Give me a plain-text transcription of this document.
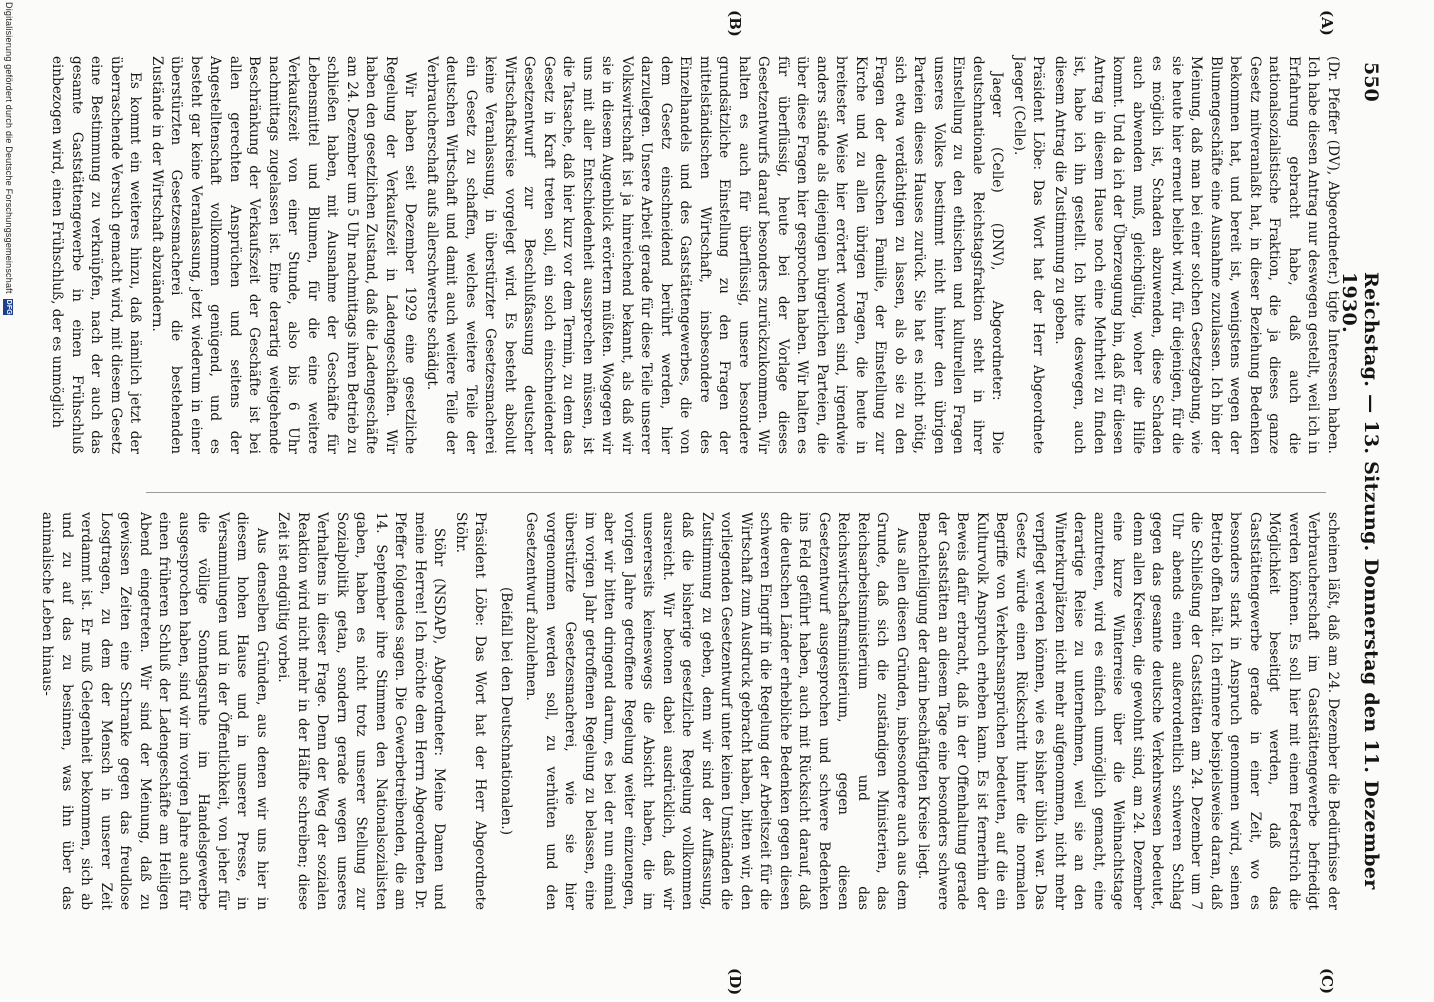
550
Reichstag. — 13. Sitzung. Donnerstag den 11. Dezember 1930.
(A)
(B)
(C)
(D)

(Dr. Pfeffer (DV), Abgeordneter.) tigte Interessen haben. Ich habe diesen Antrag nur deswegen gestellt, weil ich in Erfahrung gebracht habe, daß auch die nationalsozialistische Fraktion, die ja dieses ganze Gesetz mitveranlaßt hat, in dieser Beziehung Bedenken bekommen hat, und bereit ist, wenigstens wegen der Blumengeschäfte eine Ausnahme zuzulassen. Ich bin der Meinung, daß man bei einer solchen Gesetzgebung, wie sie heute hier erneut beliebt wird, für diejenigen, für die es möglich ist, Schaden abzuwenden, diese Schaden auch abwenden muß, gleichgültig, woher die Hilfe kommt. Und da ich der Überzeugung bin, daß für diesen Antrag in diesem Hause noch eine Mehrheit zu finden ist, habe ich ihn gestellt. Ich bitte deswegen, auch diesem Antrag die Zustimmung zu geben.

Präsident Löbe: Das Wort hat der Herr Abgeordnete Jaeger (Celle).

Jaeger (Celle) (DNV), Abgeordneter: Die deutschnationale Reichstagsfraktion steht in ihrer Einstellung zu den ethischen und kulturellen Fragen unseres Volkes bestimmt nicht hinter den übrigen Parteien dieses Hauses zurück. Sie hat es nicht nötig, sich etwa verdächtigen zu lassen, als ob sie zu den Fragen der deutschen Familie, der Einstellung zur Kirche und zu allen übrigen Fragen, die heute in breitester Weise hier erörtert worden sind, irgendwie anders stände als diejenigen bürgerlichen Parteien, die über diese Fragen hier gesprochen haben. Wir halten es für überflüssig, heute bei der Vorlage dieses Gesetzentwurfs darauf besonders zurückzukommen. Wir halten es auch für überflüssig, unsere besondere grundsätzliche Einstellung zu den Fragen der mittelständischen Wirtschaft, insbesondere des Einzelhandels und des Gaststättengewerbes, die von dem Gesetz einschneidend berührt werden, hier darzulegen. Unsere Arbeit gerade für diese Teile unserer Volkswirtschaft ist ja hinreichend bekannt, als daß wir sie in diesem Augenblick erörtern müßten. Wogegen wir uns mit aller Entschiedenheit aussprechen müssen, ist die Tatsache, daß hier kurz vor dem Termin, zu dem das Gesetz in Kraft treten soll, ein solch einschneidender Gesetzentwurf zur Beschlußfassung deutscher Wirtschaftskreise vorgelegt wird. Es besteht absolut keine Veranlassung, in überstürzter Gesetzesmacherei ein Gesetz zu schaffen, welches weitere Teile der deutschen Wirtschaft und damit auch weitere Teile der Verbraucherschaft aufs allerschwerste schädigt.

Wir haben seit Dezember 1929 eine gesetzliche Regelung der Verkaufszeit in Ladengeschäften. Wir haben den gesetzlichen Zustand, daß die Ladengeschäfte am 24. Dezember um 5 Uhr nachmittags ihren Betrieb zu schließen haben, mit Ausnahme der Geschäfte für Lebensmittel und Blumen, für die eine weitere Verkaufszeit von einer Stunde, also bis 6 Uhr nachmittags zugelassen ist. Eine derartig weitgehende Beschränkung der Verkaufszeit der Geschäfte ist bei allen gerechten Ansprüchen und seitens der Angestelltenschaft vollkommen genügend, und es besteht gar keine Veranlassung, jetzt wiederum in einer überstürzten Gesetzesmacherei die bestehenden Zustände in der Wirtschaft abzuändern.

Es kommt ein weiteres hinzu, daß nämlich jetzt der überraschende Versuch gemacht wird, mit diesem Gesetz eine Bestimmung zu verknüpfen, nach der auch das gesamte Gaststättengewerbe in einen Frühschluß einbezogen wird, einen Frühschluß, der es unmöglich

scheinen läßt, daß am 24. Dezember die Bedürfnisse der Verbraucherschaft im Gaststättengewerbe befriedigt werden können. Es soll hier mit einem Federstrich die Möglichkeit beseitigt werden, daß das Gaststättengewerbe gerade in einer Zeit, wo es besonders stark in Anspruch genommen wird, seinen Betrieb offen hält. Ich erinnere beispielsweise daran, daß die Schließung der Gaststätten am 24. Dezember um 7 Uhr abends einen außerordentlich schweren Schlag gegen das gesamte deutsche Verkehrswesen bedeutet, denn allen Kreisen, die gewohnt sind, am 24. Dezember eine kurze Winterreise über die Weihnachtstage anzutreten, wird es einfach unmöglich gemacht, eine derartige Reise zu unternehmen, weil sie an den Winterkurplätzen nicht mehr aufgenommen, nicht mehr verpflegt werden können, wie es bisher üblich war. Das Gesetz würde einen Rückschritt hinter die normalen Begriffe von Verkehrsansprüchen bedeuten, auf die ein Kulturvolk Anspruch erheben kann. Es ist fernerhin der Beweis dafür erbracht, daß in der Offenhaltung gerade der Gaststätten an diesem Tage eine besonders schwere Benachteiligung der darin beschäftigten Kreise liegt.

Aus allen diesen Gründen, insbesondere auch aus dem Grunde, daß sich die zuständigen Ministerien, das Reichsarbeitsministerium und das Reichswirtschaftsministerium, gegen diesen Gesetzentwurf ausgesprochen und schwere Bedenken ins Feld geführt haben, auch mit Rücksicht darauf, daß die deutschen Länder erhebliche Bedenken gegen diesen schweren Eingriff in die Regelung der Arbeitszeit für die Wirtschaft zum Ausdruck gebracht haben, bitten wir, den vorliegenden Gesetzentwurf unter keinen Umständen die Zustimmung zu geben, denn wir sind der Auffassung, daß die bisherige gesetzliche Regelung vollkommen ausreicht. Wir betonen dabei ausdrücklich, daß wir unsererseits keineswegs die Absicht haben, die im vorigen Jahre getroffene Regelung weiter einzuengen, aber wir bitten dringend darum, es bei der nun einmal im vorigen Jahr getroffenen Regelung zu belassen, eine überstürzte Gesetzesmacherei, wie sie hier vorgenommen werden soll, zu verhüten und den Gesetzentwurf abzulehnen.

(Beifall bei den Deutschnationalen.)

Präsident Löbe: Das Wort hat der Herr Abgeordnete Stöhr.

Stöhr (NSDAP), Abgeordneter: Meine Damen und meine Herren! Ich möchte dem Herrn Abgeordneten Dr. Pfeffer folgendes sagen. Die Gewerbetreibenden, die am 14. September ihre Stimmen den Nationalsozialisten gaben, haben es nicht trotz unserer Stellung zur Sozialpolitik getan, sondern gerade wegen unseres Verhaltens in dieser Frage. Denn der Weg der sozialen Reaktion wird nicht mehr in der Hälfte schreiben; diese Zeit ist endgültig vorbei.

Aus denselben Gründen, aus denen wir uns hier in diesem hohen Hause und in unserer Presse, in Versammlungen und in der Öffentlichkeit, von jeher für die völlige Sonntagsruhe im Handelsgewerbe ausgesprochen haben, sind wir im vorigen Jahre auch für einen früheren Schluß der Ladengeschäfte am Heiligen Abend eingetreten. Wir sind der Meinung, daß zu gewissen Zeiten eine Schranke gegen das freudlose Losgtragen, zu dem der Mensch in unserer Zeit verdammt ist. Er muß Gelegenheit bekommen, sich ab und zu auf das zu besinnen, was ihn über das animalische Leben hinaus-

Digitalisierung gefördert durch die Deutsche Forschungsgemeinschaft DFG
